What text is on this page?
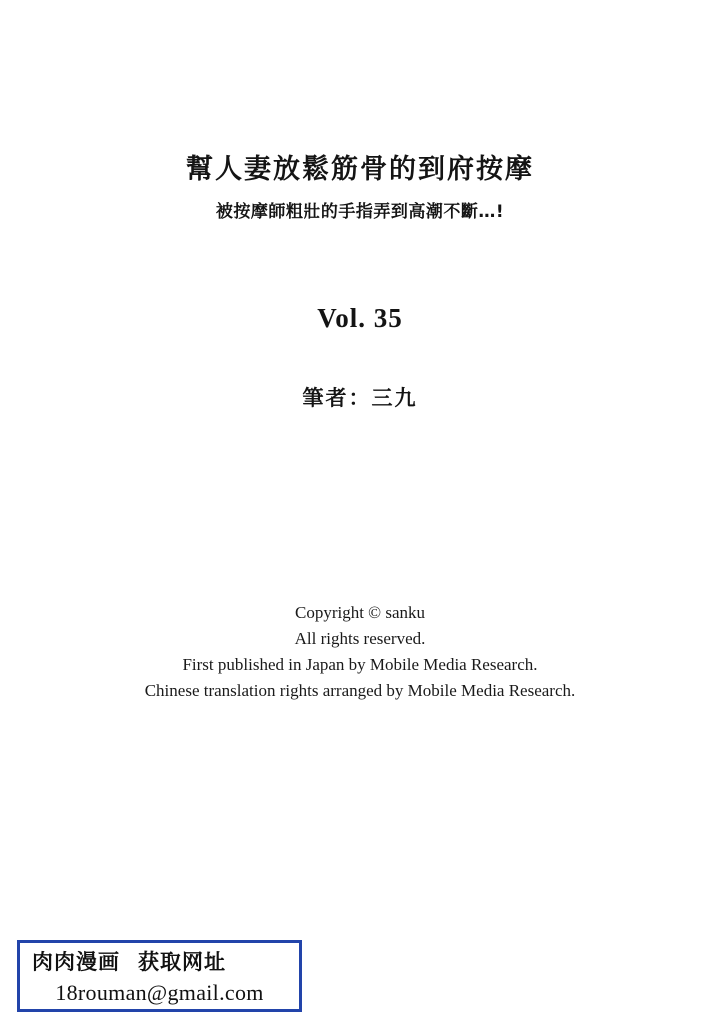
幫人妻放鬆筋骨的到府按摩
被按摩師粗壯的手指弄到高潮不斷…!
Vol. 35
筆者：三九
Copyright © sanku
All rights reserved.
First published in Japan by Mobile Media Research.
Chinese translation rights arranged by Mobile Media Research.
肉肉漫画 获取网址
18rouman@gmail.com
